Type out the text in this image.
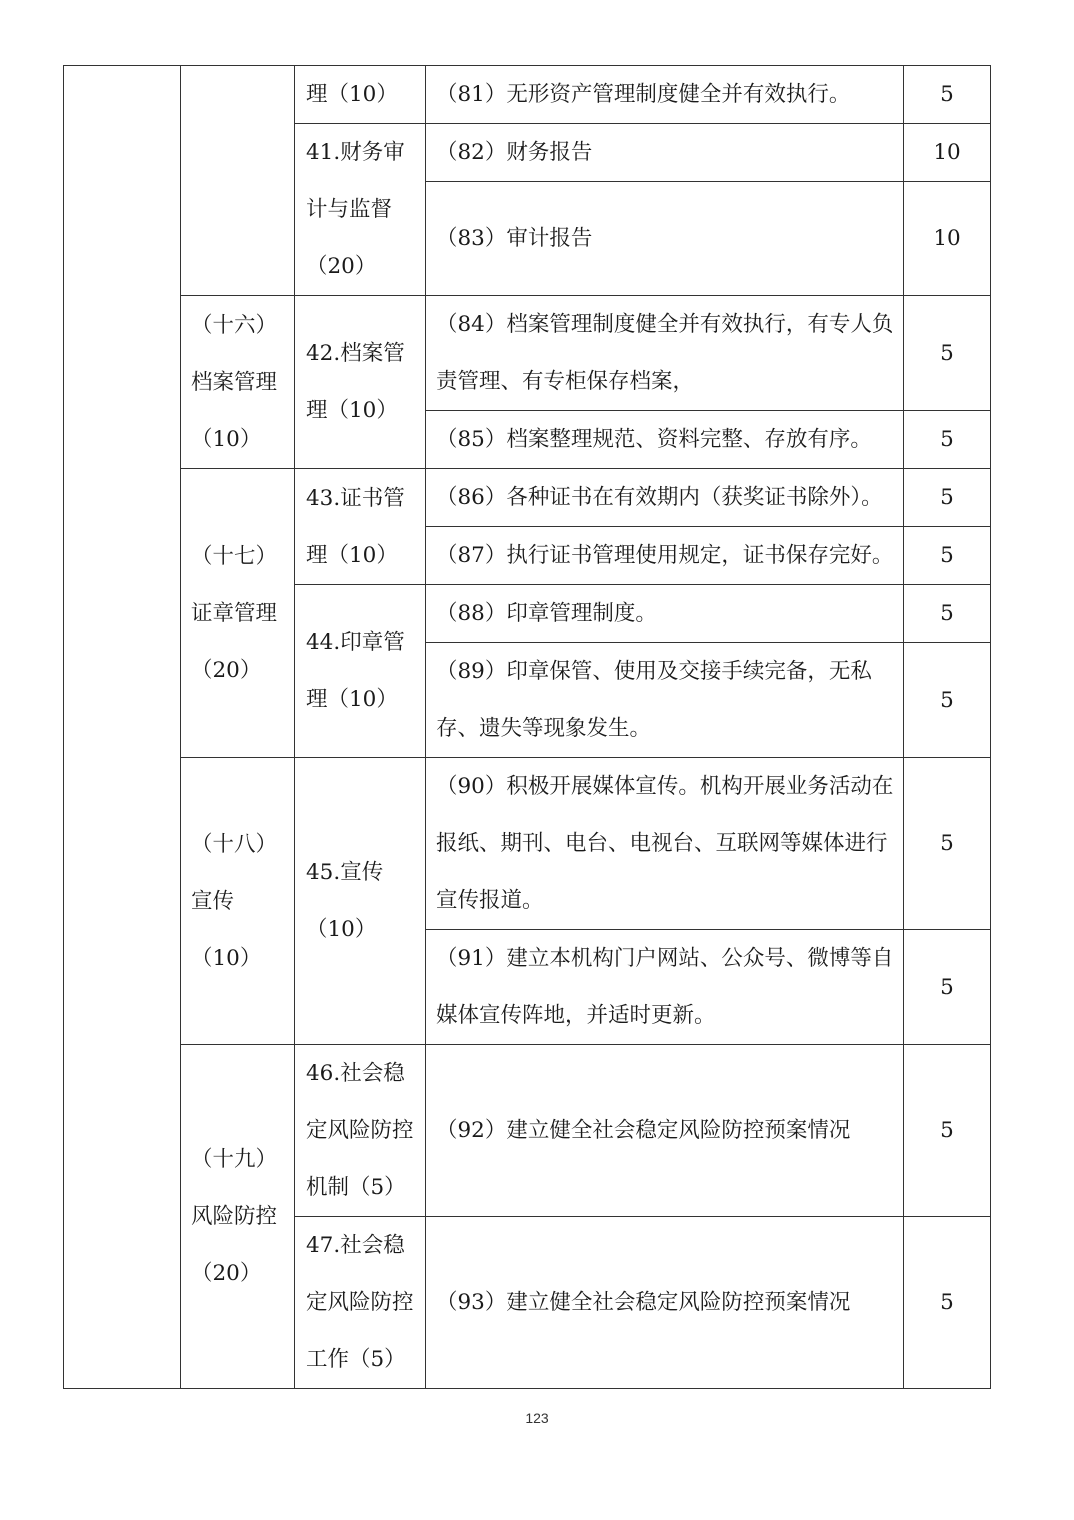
		理（10）	（81）无形资产管理制度健全并有效执行。	5
		41.财务审计与监督（20）	（82）财务报告	10
			（83）审计报告	10
	（十六）档案管理（10）	42.档案管理（10）	（84）档案管理制度健全并有效执行，有专人负责管理、有专柜保存档案，	5
			（85）档案整理规范、资料完整、存放有序。	5
	（十七）证章管理（20）	43.证书管理（10）	（86）各种证书在有效期内（获奖证书除外）。	5
			（87）执行证书管理使用规定，证书保存完好。	5
		44.印章管理（10）	（88）印章管理制度。	5
			（89）印章保管、使用及交接手续完备，无私存、遗失等现象发生。	5
	（十八）宣传（10）	45.宣传（10）	（90）积极开展媒体宣传。机构开展业务活动在报纸、期刊、电台、电视台、互联网等媒体进行宣传报道。	5
			（91）建立本机构门户网站、公众号、微博等自媒体宣传阵地，并适时更新。	5
	（十九）风险防控（20）	46.社会稳定风险防控机制（5）	（92）建立健全社会稳定风险防控预案情况	5
		47.社会稳定风险防控工作（5）	（93）建立健全社会稳定风险防控预案情况	5
123
